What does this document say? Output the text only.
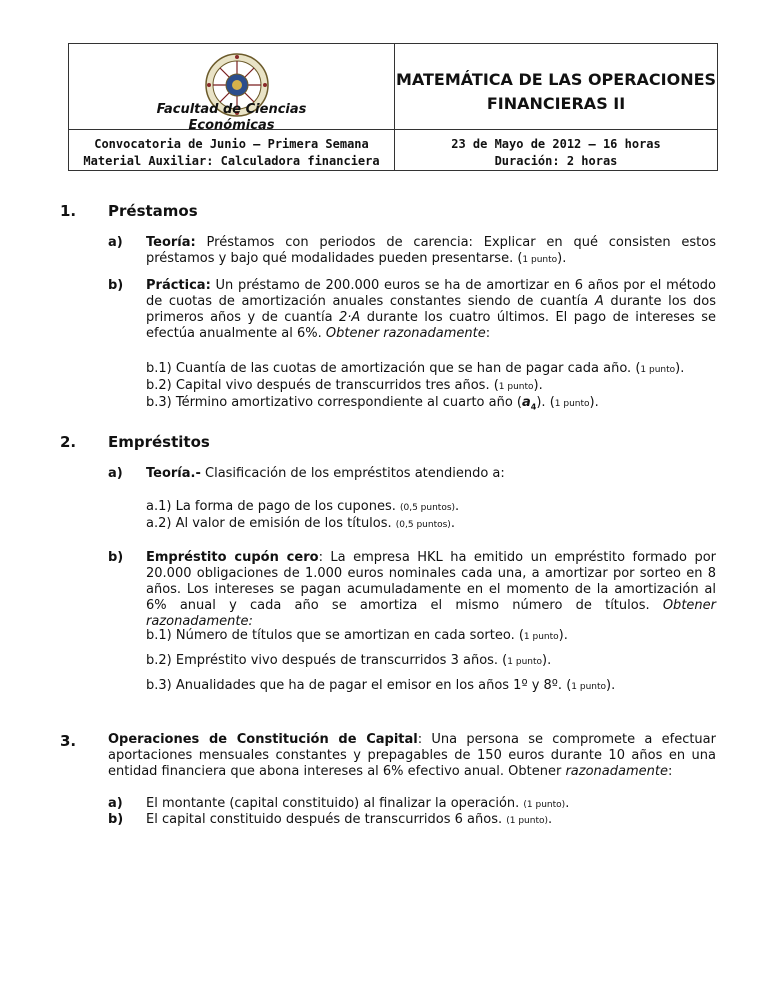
Facultad de Ciencias
Económicas
MATEMÁTICA DE LAS OPERACIONES
FINANCIERAS II
Convocatoria de Junio – Primera Semana
Material Auxiliar: Calculadora financiera
23 de Mayo de 2012 – 16 horas
Duración: 2 horas
1. Préstamos
a) Teoría: Préstamos con periodos de carencia: Explicar en qué consisten estos préstamos y bajo qué modalidades pueden presentarse. (1 punto).
b) Práctica: Un préstamo de 200.000 euros se ha de amortizar en 6 años por el método de cuotas de amortización anuales constantes siendo de cuantía A durante los dos primeros años y de cuantía 2·A durante los cuatro últimos. El pago de intereses se efectúa anualmente al 6%. Obtener razonadamente:
b.1) Cuantía de las cuotas de amortización que se han de pagar cada año. (1 punto).
b.2) Capital vivo después de transcurridos tres años. (1 punto).
b.3) Término amortizativo correspondiente al cuarto año $(a_4)$. (1 punto).
2. Empréstitos
a) Teoría.- Clasificación de los empréstitos atendiendo a:
a.1) La forma de pago de los cupones. (0,5 puntos).
a.2) Al valor de emisión de los títulos. (0,5 puntos).
b) Empréstito cupón cero: La empresa HKL ha emitido un empréstito formado por 20.000 obligaciones de 1.000 euros nominales cada una, a amortizar por sorteo en 8 años. Los intereses se pagan acumuladamente en el momento de la amortización al 6% anual y cada año se amortiza el mismo número de títulos. Obtener razonadamente:
b.1) Número de títulos que se amortizan en cada sorteo. (1 punto).
b.2) Empréstito vivo después de transcurridos 3 años. (1 punto).
b.3) Anualidades que ha de pagar el emisor en los años 1º y 8º. (1 punto).
3. Operaciones de Constitución de Capital: Una persona se compromete a efectuar aportaciones mensuales constantes y prepagables de 150 euros durante 10 años en una entidad financiera que abona intereses al 6% efectivo anual. Obtener razonadamente:
a) El montante (capital constituido) al finalizar la operación. (1 punto).
b) El capital constituido después de transcurridos 6 años. (1 punto).
